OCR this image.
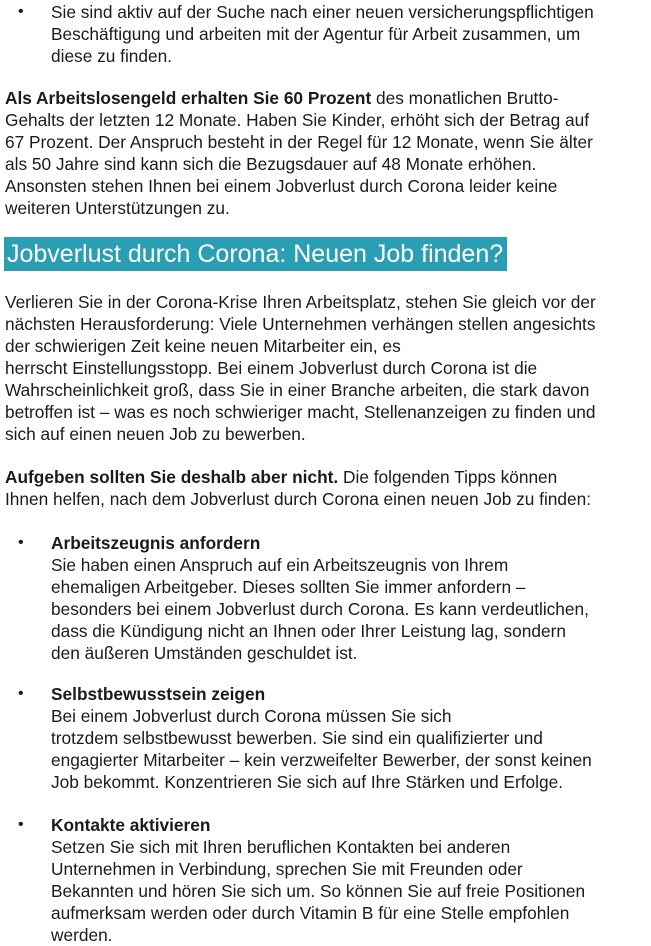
• Sie sind aktiv auf der Suche nach einer neuen versicherungspflichtigen
Beschäftigung und arbeiten mit der Agentur für Arbeit zusammen, um
diese zu finden.
Als Arbeitslosengeld erhalten Sie 60 Prozent des monatlichen Brutto-
Gehalts der letzten 12 Monate. Haben Sie Kinder, erhöht sich der Betrag auf
67 Prozent. Der Anspruch besteht in der Regel für 12 Monate, wenn Sie älter
als 50 Jahre sind kann sich die Bezugsdauer auf 48 Monate erhöhen.
Ansonsten stehen Ihnen bei einem Jobverlust durch Corona leider keine
weiteren Unterstützungen zu.
Jobverlust durch Corona: Neuen Job finden?
Verlieren Sie in der Corona-Krise Ihren Arbeitsplatz, stehen Sie gleich vor der
nächsten Herausforderung: Viele Unternehmen verhängen stellen angesichts
der schwierigen Zeit keine neuen Mitarbeiter ein, es
herrscht Einstellungsstopp. Bei einem Jobverlust durch Corona ist die
Wahrscheinlichkeit groß, dass Sie in einer Branche arbeiten, die stark davon
betroffen ist – was es noch schwieriger macht, Stellenanzeigen zu finden und
sich auf einen neuen Job zu bewerben.
Aufgeben sollten Sie deshalb aber nicht. Die folgenden Tipps können
Ihnen helfen, nach dem Jobverlust durch Corona einen neuen Job zu finden:
• Arbeitszeugnis anfordern
Sie haben einen Anspruch auf ein Arbeitszeugnis von Ihrem
ehemaligen Arbeitgeber. Dieses sollten Sie immer anfordern –
besonders bei einem Jobverlust durch Corona. Es kann verdeutlichen,
dass die Kündigung nicht an Ihnen oder Ihrer Leistung lag, sondern
den äußeren Umständen geschuldet ist.
• Selbstbewusstsein zeigen
Bei einem Jobverlust durch Corona müssen Sie sich
trotzdem selbstbewusst bewerben. Sie sind ein qualifizierter und
engagierter Mitarbeiter – kein verzweifelter Bewerber, der sonst keinen
Job bekommt. Konzentrieren Sie sich auf Ihre Stärken und Erfolge.
• Kontakte aktivieren
Setzen Sie sich mit Ihren beruflichen Kontakten bei anderen
Unternehmen in Verbindung, sprechen Sie mit Freunden oder
Bekannten und hören Sie sich um. So können Sie auf freie Positionen
aufmerksam werden oder durch Vitamin B für eine Stelle empfohlen
werden.
